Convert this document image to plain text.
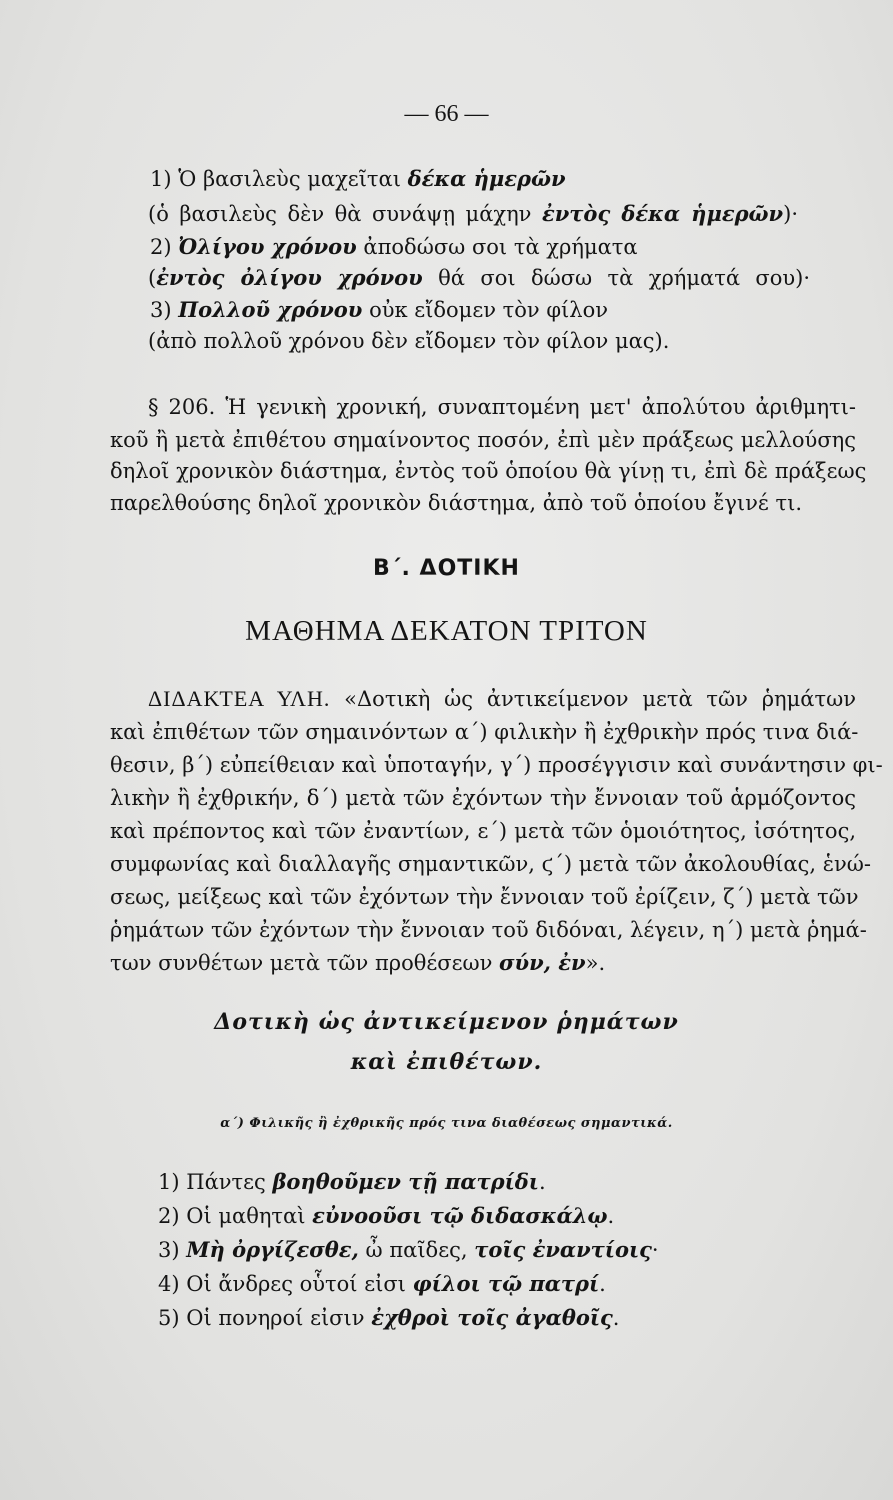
— 66 —
1) Ὁ βασιλεὺς μαχεῖται δέκα ἡμερῶν
(ὁ βασιλεὺς δὲν θὰ συνάψῃ μάχην ἐντὸς δέκα ἡμερῶν)·
2) Ὀλίγου χρόνου ἀποδώσω σοι τὰ χρήματα
(ἐντὸς ὀλίγου χρόνου θά σοι δώσω τὰ χρήματά σου)·
3) Πολλοῦ χρόνου οὐκ εἴδομεν τὸν φίλον
(ἀπὸ πολλοῦ χρόνου δὲν εἴδομεν τὸν φίλον μας).
§ 206. Ἡ γενικὴ χρονική, συναπτομένη μετ' ἀπολύτου ἀριθμητι-
κοῦ ἢ μετὰ ἐπιθέτου σημαίνοντος ποσόν, ἐπὶ μὲν πράξεως μελλούσης
δηλοῖ χρονικὸν διάστημα, ἐντὸς τοῦ ὁποίου θὰ γίνῃ τι, ἐπὶ δὲ πράξεως
παρελθούσης δηλοῖ χρονικὸν διάστημα, ἀπὸ τοῦ ὁποίου ἔγινέ τι.
Β΄. ΔΟΤΙΚΗ
ΜΑΘΗΜΑ ΔΕΚΑΤΟΝ ΤΡΙΤΟΝ
ΔΙΔΑΚΤΕΑ ΥΛΗ. «Δοτικὴ ὡς ἀντικείμενον μετὰ τῶν ῥημάτων
καὶ ἐπιθέτων τῶν σημαινόντων α΄) φιλικὴν ἢ ἐχθρικὴν πρός τινα διά-
θεσιν, β΄) εὐπείθειαν καὶ ὑποταγήν, γ΄) προσέγγισιν καὶ συνάντησιν φι-
λικὴν ἢ ἐχθρικήν, δ΄) μετὰ τῶν ἐχόντων τὴν ἔννοιαν τοῦ ἁρμόζοντος
καὶ πρέποντος καὶ τῶν ἐναντίων, ε΄) μετὰ τῶν ὁμοιότητος, ἰσότητος,
συμφωνίας καὶ διαλλαγῆς σημαντικῶν, ϛ΄) μετὰ τῶν ἀκολουθίας, ἑνώ-
σεως, μείξεως καὶ τῶν ἐχόντων τὴν ἔννοιαν τοῦ ἐρίζειν, ζ΄) μετὰ τῶν
ῥημάτων τῶν ἐχόντων τὴν ἔννοιαν τοῦ διδόναι, λέγειν, η΄) μετὰ ῥημά-
των συνθέτων μετὰ τῶν προθέσεων σύν, ἐν».
Δοτικὴ ὡς ἀντικείμενον ῥημάτων
καὶ ἐπιθέτων.
α΄) Φιλικῆς ἢ ἐχθρικῆς πρός τινα διαθέσεως σημαντικά.
1) Πάντες βοηθοῦμεν τῇ πατρίδι.
2) Οἱ μαθηταὶ εὐνοοῦσι τῷ διδασκάλῳ.
3) Μὴ ὀργίζεσθε, ὦ παῖδες, τοῖς ἐναντίοις·
4) Οἱ ἄνδρες οὗτοί εἰσι φίλοι τῷ πατρί.
5) Οἱ πονηροί εἰσιν ἐχθροὶ τοῖς ἀγαθοῖς.
